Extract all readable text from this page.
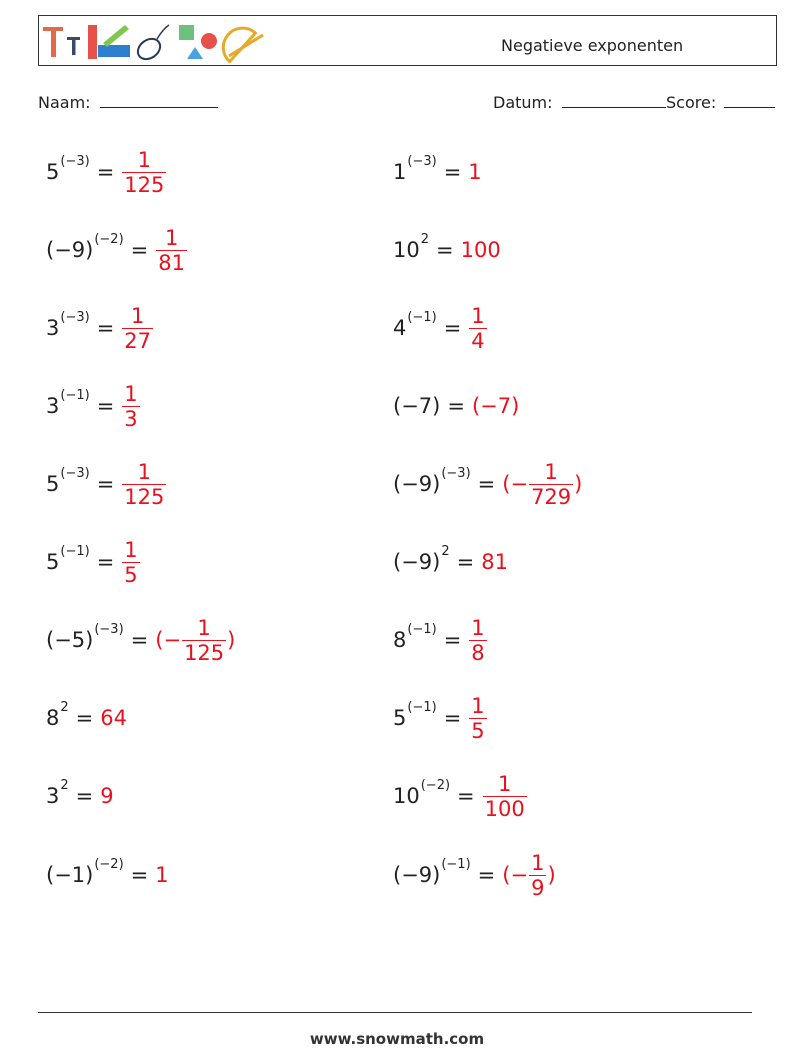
Negatieve exponenten
Naam:	Datum:	Score:
5 $(-3) = \frac{1}{125}$	1 (−3) = 1
(−9) $(-2) = \frac{1}{81}$	10 2 = 100
3 $(-3) = \frac{1}{27}$	4 $(-1) = \frac{1}{4}$
3 $(-1) = \frac{1}{3}$	(−7) = (−7)
5 $(-3) = \frac{1}{125}$	(−9) (−3) = (− $\frac{1}{729}$ )
5 $(-1) = \frac{1}{5}$	(−9) 2 = 81
(−5) (−3) = (− $\frac{1}{125}$ )	8 $(-1) = \frac{1}{8}$
8 2 = 64	5 $(-1) = \frac{1}{5}$
3 2 = 9	10 $(-2) = \frac{1}{100}$
(−1) (−2) = 1	(−9) (−1) = (− $\frac{1}{9}$ )
www.snowmath.com
